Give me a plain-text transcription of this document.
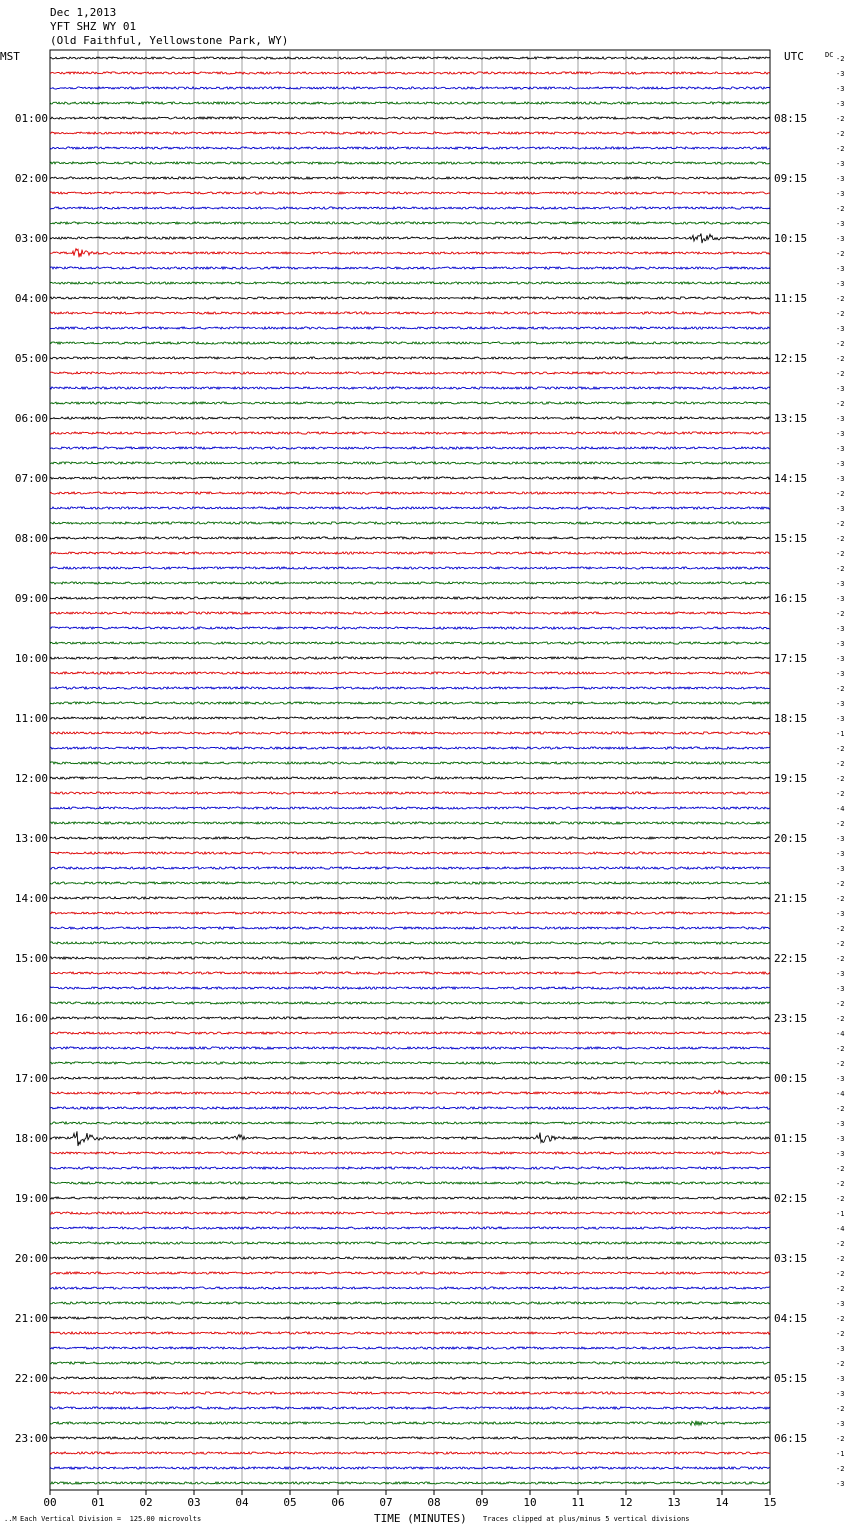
Dec 1,2013
YFT SHZ WY 01
(Old Faithful, Yellowstone Park, WY)
MST	UTC	-2
-3
-3
-3
-2
-2
-2
-3
-3
-3
-2
-3
-3
-2
-3
-3
-2
-2
-3
-2
-2
-2
-3
-2
-3
-3
-3
-3
-3
-2
-3
-2
-2
-2
-2
-3
-3
-2
-3
-3
-3
-3
-2
-3
-3
-1
-2
-2
-2
-2
-4
-2
-3
-3
-3
-2
-2
-3
-2
-2
-2
-3
-3
-2
-2
-4
-2
-2
-3
-4
-2
-3
-3
-3
-2
-2
-2
-1
-4
-2
-2
-2
-2
-3
-2
-2
-3
-2
-3
-3
-2
-3
-2
-1
-2
-3
DC
01:00	08:15
02:00	09:15
03:00	10:15
04:00	11:15
05:00	12:15
06:00	13:15
07:00	14:15
08:00	15:15
09:00	16:15
10:00	17:15
11:00	18:15
12:00	19:15
13:00	20:15
14:00	21:15
15:00	22:15
16:00	23:15
17:00	00:15
18:00	01:15
19:00	02:15
20:00	03:15
21:00	04:15
22:00	05:15
23:00	06:15
00	01	02	03	04	05	06	07	08	09	10	11	12	13	14	15
..M Each Vertical Division =  125.00 microvolts	TIME (MINUTES) Traces clipped at plus/minus 5 vertical divisions
